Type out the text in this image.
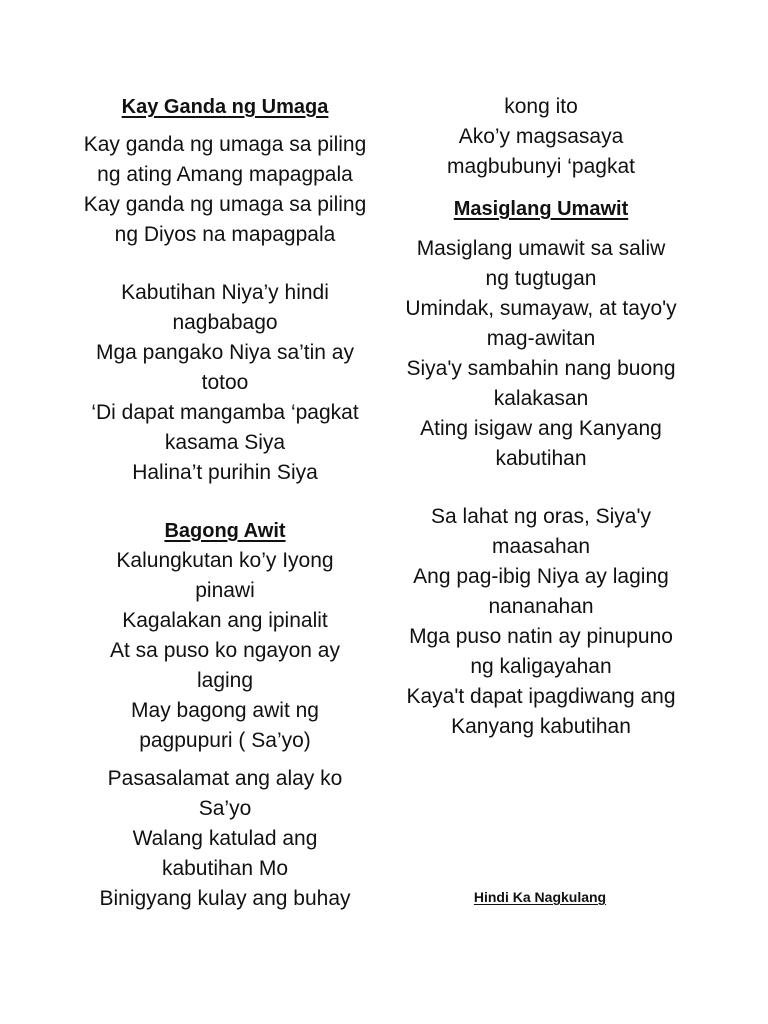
Kay Ganda ng Umaga
Kay ganda ng umaga sa piling
ng ating Amang mapagpala
Kay ganda ng umaga sa piling
ng Diyos na mapagpala
Kabutihan Niya’y hindi
nagbabago
Mga pangako Niya sa’tin ay
totoo
‘Di dapat mangamba ‘pagkat
kasama Siya
Halina’t purihin Siya
Bagong Awit
Kalungkutan ko’y Iyong
pinawi
Kagalakan ang ipinalit
At sa puso ko ngayon ay
laging
May bagong awit ng
pagpupuri ( Sa’yo)
Pasasalamat ang alay ko
Sa’yo
Walang katulad ang
kabutihan Mo
Binigyang kulay ang buhay
kong ito
Ako’y magsasaya
magbubunyi ‘pagkat
Masiglang Umawit
Masiglang umawit sa saliw
ng tugtugan
Umindak, sumayaw, at tayo'y
mag-awitan
Siya'y sambahin nang buong
kalakasan
Ating isigaw ang Kanyang
kabutihan
Sa lahat ng oras, Siya'y
maasahan
Ang pag-ibig Niya ay laging
nananahan
Mga puso natin ay pinupuno
ng kaligayahan
Kaya't dapat ipagdiwang ang
Kanyang kabutihan
Hindi Ka Nagkulang
